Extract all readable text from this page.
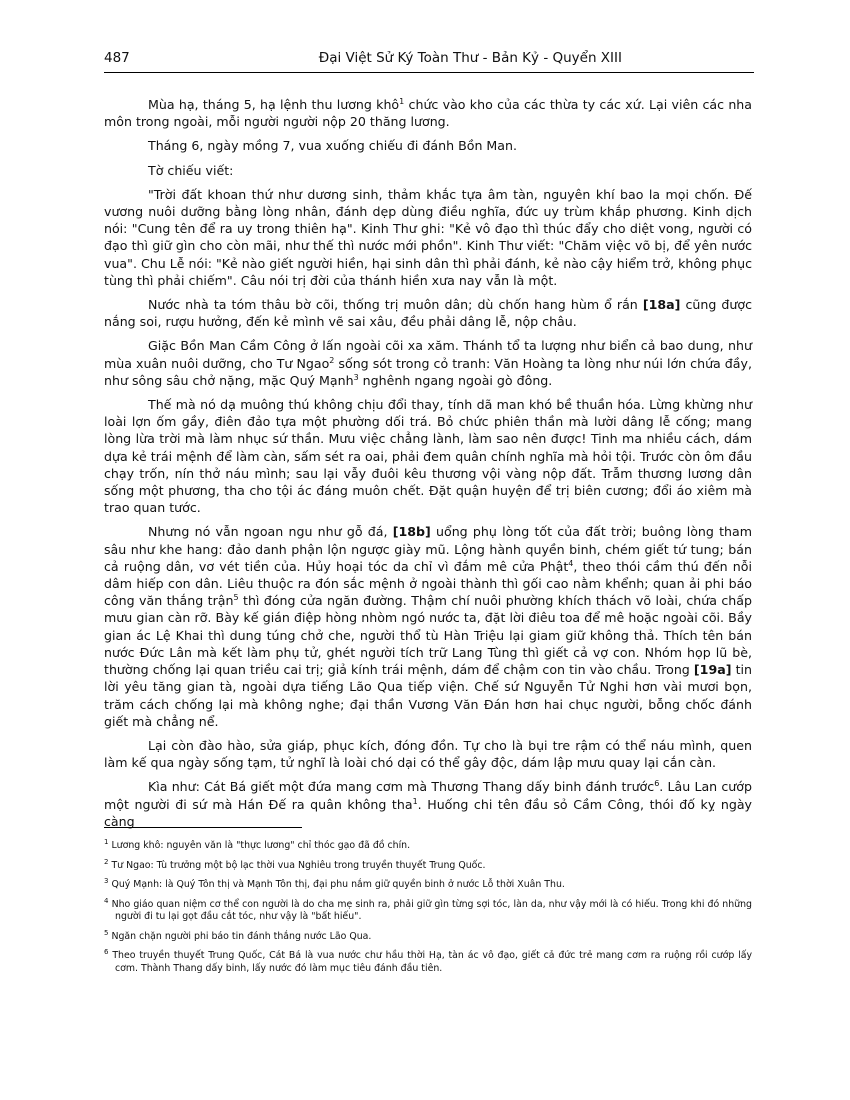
487	Đại Việt Sử Ký Toàn Thư - Bản Kỷ - Quyển XIII

Mùa hạ, tháng 5, hạ lệnh thu lương khô$^1$ chức vào kho của các thừa ty các xứ. Lại viên các nha môn trong ngoài, mỗi người người nộp 20 thăng lương.

Tháng 6, ngày mồng 7, vua xuống chiếu đi đánh Bồn Man.

Tờ chiếu viết:

"Trời đất khoan thứ như dương sinh, thảm khắc tựa âm tàn, nguyên khí bao la mọi chốn. Đế vương nuôi dưỡng bằng lòng nhân, đánh dẹp dùng điều nghĩa, đức uy trùm khắp phương. Kinh dịch nói: "Cung tên để ra uy trong thiên hạ". Kinh Thư ghi: "Kẻ vô đạo thì thúc đẩy cho diệt vong, người có đạo thì giữ gìn cho còn mãi, như thế thì nước mới phồn". Kinh Thư viết: "Chăm việc võ bị, để yên nước vua". Chu Lễ nói: "Kẻ nào giết người hiền, hại sinh dân thì phải đánh, kẻ nào cậy hiểm trở, không phục tùng thì phải chiếm". Câu nói trị đời của thánh hiền xưa nay vẫn là một.

Nước nhà ta tóm thâu bờ cõi, thống trị muôn dân; dù chốn hang hùm ổ rắn [18a] cũng được nắng soi, rượu hưởng, đến kẻ mình vẽ sai xâu, đều phải dâng lễ, nộp châu.

Giặc Bồn Man Cầm Công ở lấn ngoài cõi xa xăm. Thánh tổ ta lượng như biển cả bao dung, như mùa xuân nuôi dưỡng, cho Tư Ngao$^2$ sống sót trong cỏ tranh: Văn Hoàng ta lòng như núi lớn chứa đầy, như sông sâu chở nặng, mặc Quý Mạnh$^3$ nghênh ngang ngoài gò đông.

Thế mà nó dạ muông thú không chịu đổi thay, tính dã man khó bề thuần hóa. Lừng khừng như loài lợn ốm gầy, điên đảo tựa một phường dối trá. Bỏ chức phiên thần mà lười dâng lễ cống; mang lòng lừa trời mà làm nhục sứ thần. Mưu việc chẳng lành, làm sao nên được! Tinh ma nhiều cách, dám dựa kẻ trái mệnh để làm càn, sấm sét ra oai, phải đem quân chính nghĩa mà hỏi tội. Trước còn ôm đầu chạy trốn, nín thở náu mình; sau lại vẫy đuôi kêu thương vội vàng nộp đất. Trẫm thương lương dân sống một phương, tha cho tội ác đáng muôn chết. Đặt quận huyện để trị biên cương; đổi áo xiêm mà trao quan tước.

Nhưng nó vẫn ngoan ngu như gỗ đá, [18b] uổng phụ lòng tốt của đất trời; buông lòng tham sâu như khe hang: đảo danh phận lộn ngược giày mũ. Lộng hành quyền binh, chém giết tứ tung; bán cả ruộng dân, vơ vét tiền của. Hủy hoại tóc da chỉ vì đắm mê cửa Phật$^4$, theo thói cầm thú đến nỗi dâm hiếp con dân. Liêu thuộc ra đón sắc mệnh ở ngoài thành thì gối cao nằm khểnh; quan ải phi báo công văn thắng trận$^5$ thì đóng cửa ngăn đường. Thậm chí nuôi phường khích thách võ loài, chứa chấp mưu gian càn rỡ. Bày kế gián điệp hòng nhòm ngó nước ta, đặt lời điêu toa để mê hoặc ngoài cõi. Bầy gian ác Lệ Khai thì dung túng chở che, người thổ tù Hàn Triệu lại giam giữ không thả. Thích tên bán nước Đức Lân mà kết làm phụ tử, ghét người tích trữ Lang Tùng thì giết cả vợ con. Nhóm họp lũ bè, thường chống lại quan triều cai trị; giả kính trái mệnh, dám để chậm con tin vào chầu. Trong [19a] tin lời yêu tăng gian tà, ngoài dựa tiếng Lão Qua tiếp viện. Chế sứ Nguyễn Tử Nghi hơn vài mươi bọn, trăm cách chống lại mà không nghe; đại thần Vương Văn Đán hơn hai chục người, bỗng chốc đánh giết mà chẳng nể.

Lại còn đào hào, sửa giáp, phục kích, đóng đồn. Tự cho là bụi tre rậm có thể náu mình, quen làm kế qua ngày sống tạm, tử nghĩ là loài chó dại có thể gây độc, dám lập mưu quay lại cắn càn.

Kìa như: Cát Bá giết một đứa mang cơm mà Thương Thang dấy binh đánh trước$^6$. Lâu Lan cướp một người đi sứ mà Hán Đế ra quân không tha$^1$. Huống chi tên đầu sỏ Cầm Công, thói đố kỵ ngày càng

$^1$ Lương khô: nguyên văn là "thực lương" chỉ thóc gạo đã đồ chín.
$^2$ Tư Ngao: Tù trưởng một bộ lạc thời vua Nghiêu trong truyền thuyết Trung Quốc.
$^3$ Quý Mạnh: là Quý Tôn thị và Mạnh Tôn thị, đại phu nắm giữ quyền binh ở nước Lỗ thời Xuân Thu.
$^4$ Nho giáo quan niệm cơ thể con người là do cha mẹ sinh ra, phải giữ gìn từng sợi tóc, làn da, như vậy mới là có hiếu. Trong khi đó những người đi tu lại gọt đầu cắt tóc, như vậy là "bất hiếu".
$^5$ Ngăn chặn người phi báo tin đánh thắng nước Lão Qua.
$^6$ Theo truyền thuyết Trung Quốc, Cát Bá là vua nước chư hầu thời Hạ, tàn ác vô đạo, giết cả đức trẻ mang cơm ra ruộng rồi cướp lấy cơm. Thành Thang dấy binh, lấy nước đó làm mục tiêu đánh đầu tiên.
